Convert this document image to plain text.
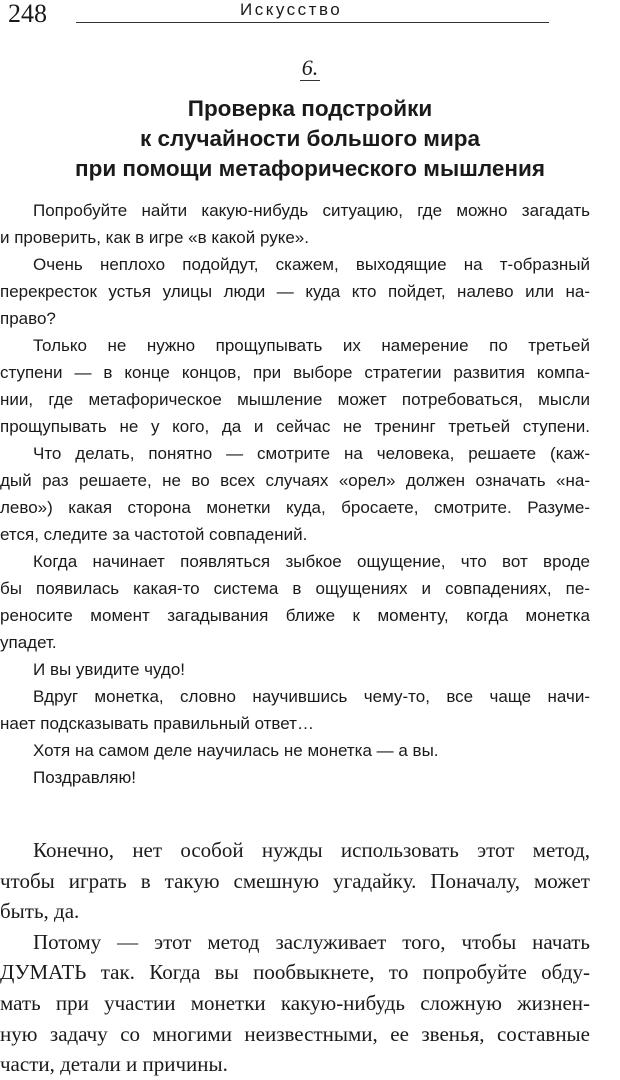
248	Искусство
6.
Проверка подстройки
к случайности большого мира
при помощи метафорического мышления
Попробуйте найти какую-нибудь ситуацию, где можно загадать
и проверить, как в игре «в какой руке».
Очень неплохо подойдут, скажем, выходящие на т-образный
перекресток устья улицы люди — куда кто пойдет, налево или на-
право?
Только не нужно прощупывать их намерение по третьей
ступени — в конце концов, при выборе стратегии развития компа-
нии, где метафорическое мышление может потребоваться, мысли
прощупывать не у кого, да и сейчас не тренинг третьей ступени.
Что делать, понятно — смотрите на человека, решаете (каж-
дый раз решаете, не во всех случаях «орел» должен означать «на-
лево») какая сторона монетки куда, бросаете, смотрите. Разуме-
ется, следите за частотой совпадений.
Когда начинает появляться зыбкое ощущение, что вот вроде
бы появилась какая-то система в ощущениях и совпадениях, пе-
реносите момент загадывания ближе к моменту, когда монетка
упадет.
И вы увидите чудо!
Вдруг монетка, словно научившись чему-то, все чаще начи-
нает подсказывать правильный ответ…
Хотя на самом деле научилась не монетка — а вы.
Поздравляю!
Конечно, нет особой нужды использовать этот метод,
чтобы играть в такую смешную угадайку. Поначалу, может
быть, да.
Потому — этот метод заслуживает того, чтобы начать
ДУМАТЬ так. Когда вы пообвыкнете, то попробуйте обду-
мать при участии монетки какую-нибудь сложную жизнен-
ную задачу со многими неизвестными, ее звенья, составные
части, детали и причины.
